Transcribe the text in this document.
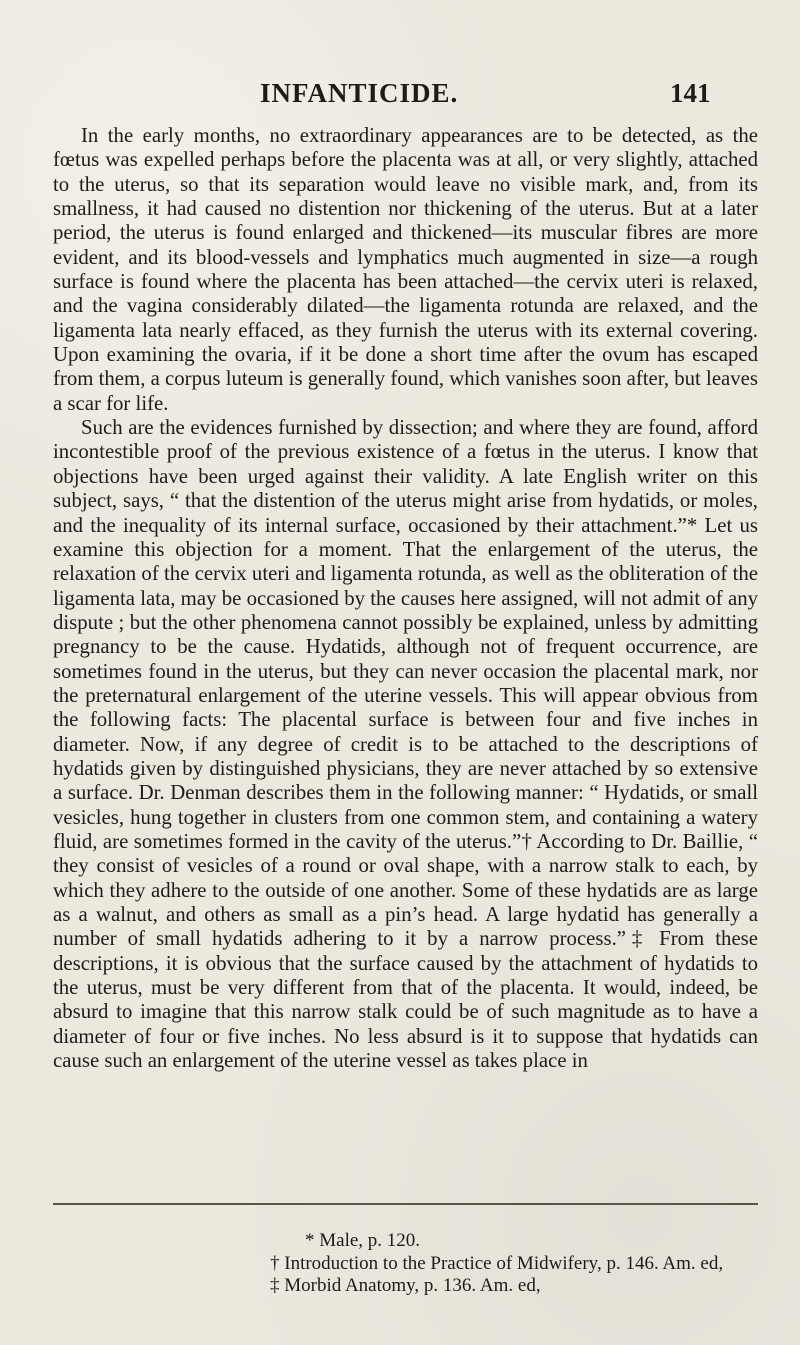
INFANTICIDE.	141

In the early months, no extraordinary appearances are to be detected, as the fœtus was expelled perhaps before the placenta was at all, or very slightly, attached to the uterus, so that its separation would leave no visible mark, and, from its smallness, it had caused no distention nor thickening of the uterus. But at a later period, the uterus is found enlarged and thickened—its muscular fibres are more evident, and its blood-vessels and lymphatics much augmented in size—a rough surface is found where the placenta has been attached—the cervix uteri is relaxed, and the vagina considerably dilated—the ligamenta rotunda are relaxed, and the ligamenta lata nearly effaced, as they furnish the uterus with its external covering. Upon examining the ovaria, if it be done a short time after the ovum has escaped from them, a corpus luteum is generally found, which vanishes soon after, but leaves a scar for life.

Such are the evidences furnished by dissection; and where they are found, afford incontestible proof of the previous existence of a fœtus in the uterus. I know that objections have been urged against their validity. A late English writer on this subject, says, “ that the distention of the uterus might arise from hydatids, or moles, and the inequality of its internal surface, occasioned by their attachment.”* Let us examine this objection for a moment. That the enlargement of the uterus, the relaxation of the cervix uteri and ligamenta rotunda, as well as the obliteration of the ligamenta lata, may be occasioned by the causes here assigned, will not admit of any dispute ; but the other phenomena cannot possibly be explained, unless by admitting pregnancy to be the cause. Hydatids, although not of frequent occurrence, are sometimes found in the uterus, but they can never occasion the placental mark, nor the preternatural enlargement of the uterine vessels. This will appear obvious from the following facts: The placental surface is between four and five inches in diameter. Now, if any degree of credit is to be attached to the descriptions of hydatids given by distinguished physicians, they are never attached by so extensive a surface. Dr. Denman describes them in the following manner: “ Hydatids, or small vesicles, hung together in clusters from one common stem, and containing a watery fluid, are sometimes formed in the cavity of the uterus.”† According to Dr. Baillie, “ they consist of vesicles of a round or oval shape, with a narrow stalk to each, by which they adhere to the outside of one another. Some of these hydatids are as large as a walnut, and others as small as a pin’s head. A large hydatid has generally a number of small hydatids adhering to it by a narrow process.”‡ From these descriptions, it is obvious that the surface caused by the attachment of hydatids to the uterus, must be very different from that of the placenta. It would, indeed, be absurd to imagine that this narrow stalk could be of such magnitude as to have a diameter of four or five inches. No less absurd is it to suppose that hydatids can cause such an enlargement of the uterine vessel as takes place in

* Male, p. 120.
† Introduction to the Practice of Midwifery, p. 146. Am. ed,
‡ Morbid Anatomy, p. 136. Am. ed,
